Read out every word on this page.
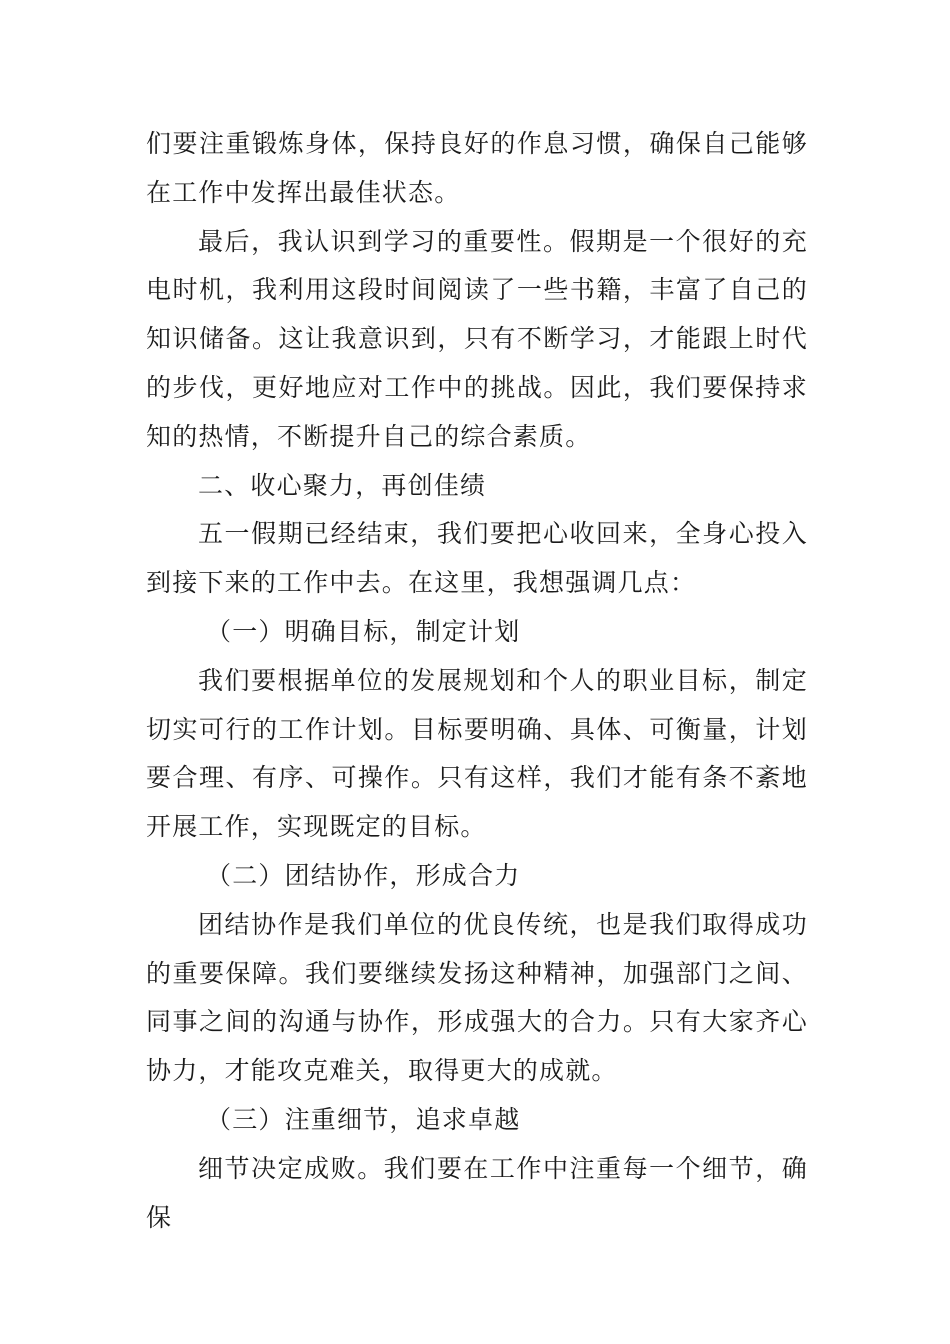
们要注重锻炼身体，保持良好的作息习惯，确保自己能够在工作中发挥出最佳状态。

最后，我认识到学习的重要性。假期是一个很好的充电时机，我利用这段时间阅读了一些书籍，丰富了自己的知识储备。这让我意识到，只有不断学习，才能跟上时代的步伐，更好地应对工作中的挑战。因此，我们要保持求知的热情，不断提升自己的综合素质。

二、收心聚力，再创佳绩

五一假期已经结束，我们要把心收回来，全身心投入到接下来的工作中去。在这里，我想强调几点：

（一）明确目标，制定计划

我们要根据单位的发展规划和个人的职业目标，制定切实可行的工作计划。目标要明确、具体、可衡量，计划要合理、有序、可操作。只有这样，我们才能有条不紊地开展工作，实现既定的目标。

（二）团结协作，形成合力

团结协作是我们单位的优良传统，也是我们取得成功的重要保障。我们要继续发扬这种精神，加强部门之间、同事之间的沟通与协作，形成强大的合力。只有大家齐心协力，才能攻克难关，取得更大的成就。

（三）注重细节，追求卓越

细节决定成败。我们要在工作中注重每一个细节，确保
